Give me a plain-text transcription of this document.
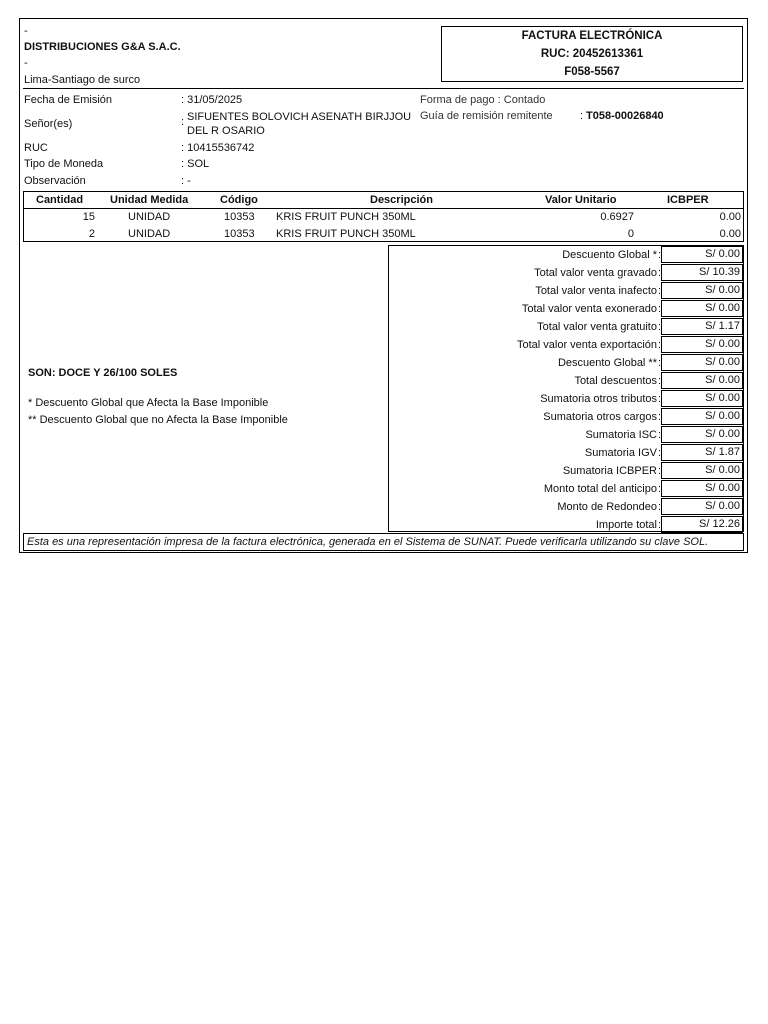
-
DISTRIBUCIONES G&A S.A.C.
-
Lima-Santiago de surco
FACTURA ELECTRÓNICA
RUC: 20452613361
F058-5567
Fecha de Emisión	: 31/05/2025	Forma de pago : Contado
Señor(es)	: SIFUENTES BOLOVICH ASENATH BIRJJOU
DEL R OSARIO
Guía de remisión remitente : T058-00026840
RUC	: 10415536742
Tipo de Moneda	: SOL
Observación	: -
Cantidad Unidad Medida	Código	Descripción	Valor Unitario	ICBPER
15	UNIDAD	10353 KRIS FRUIT PUNCH 350ML	0.6927	0.00
2	UNIDAD	10353 KRIS FRUIT PUNCH 350ML	0	0.00
SON: DOCE Y 26/100 SOLES
* Descuento Global que Afecta la Base Imponible
** Descuento Global que no Afecta la Base Imponible
Descuento Global * :	S/ 0.00
Total valor venta gravado :	S/ 10.39
Total valor venta inafecto :	S/ 0.00
Total valor venta exonerado :	S/ 0.00
Total valor venta gratuito :	S/ 1.17
Total valor venta exportación :	S/ 0.00
Descuento Global ** :	S/ 0.00
Total descuentos :	S/ 0.00
Sumatoria otros tributos :	S/ 0.00
Sumatoria otros cargos :	S/ 0.00
Sumatoria ISC :	S/ 0.00
Sumatoria IGV :	S/ 1.87
Sumatoria ICBPER :	S/ 0.00
Monto total del anticipo :	S/ 0.00
Monto de Redondeo :	S/ 0.00
Importe total :	S/ 12.26
Esta es una representación impresa de la factura electrónica, generada en el Sistema de SUNAT. Puede verificarla utilizando su clave SOL.
